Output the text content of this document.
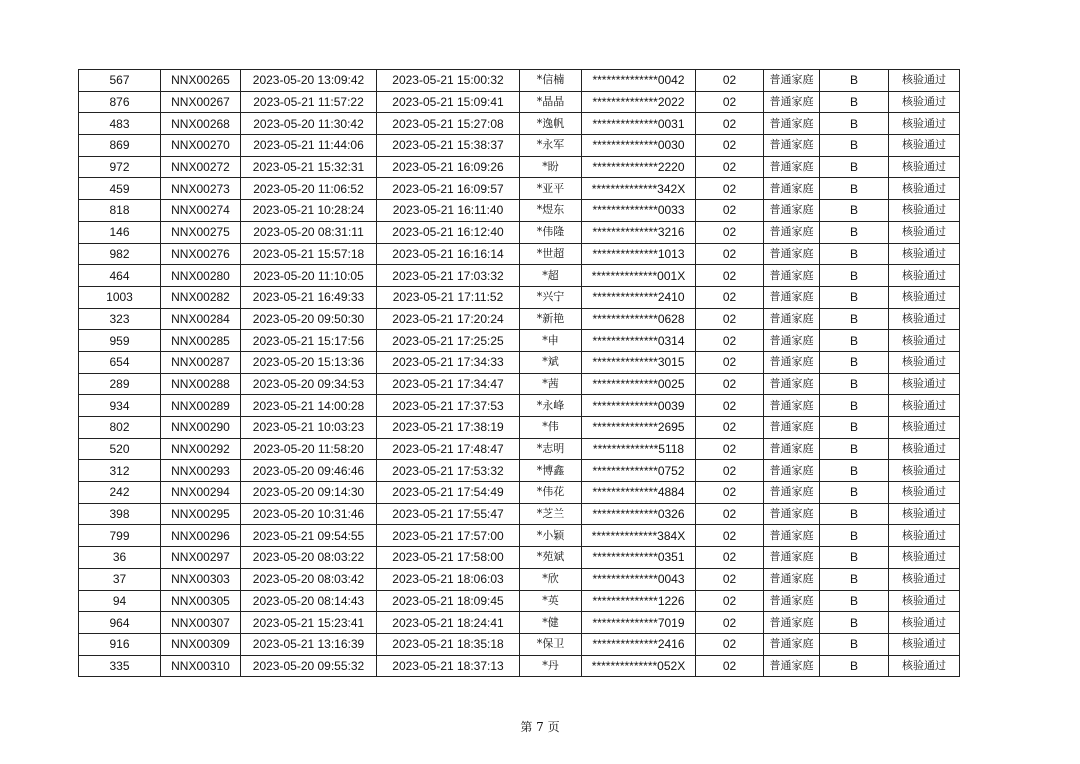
567	NNX00265	2023-05-20 13:09:42	2023-05-21 15:00:32	*信楠	**************0042	02	普通家庭	B	核验通过
876	NNX00267	2023-05-21 11:57:22	2023-05-21 15:09:41	*晶晶	**************2022	02	普通家庭	B	核验通过
483	NNX00268	2023-05-20 11:30:42	2023-05-21 15:27:08	*逸帆	**************0031	02	普通家庭	B	核验通过
869	NNX00270	2023-05-21 11:44:06	2023-05-21 15:38:37	*永军	**************0030	02	普通家庭	B	核验通过
972	NNX00272	2023-05-21 15:32:31	2023-05-21 16:09:26	*盼	**************2220	02	普通家庭	B	核验通过
459	NNX00273	2023-05-20 11:06:52	2023-05-21 16:09:57	*亚平	**************342X	02	普通家庭	B	核验通过
818	NNX00274	2023-05-21 10:28:24	2023-05-21 16:11:40	*煜东	**************0033	02	普通家庭	B	核验通过
146	NNX00275	2023-05-20 08:31:11	2023-05-21 16:12:40	*伟隆	**************3216	02	普通家庭	B	核验通过
982	NNX00276	2023-05-21 15:57:18	2023-05-21 16:16:14	*世超	**************1013	02	普通家庭	B	核验通过
464	NNX00280	2023-05-20 11:10:05	2023-05-21 17:03:32	*超	**************001X	02	普通家庭	B	核验通过
1003	NNX00282	2023-05-21 16:49:33	2023-05-21 17:11:52	*兴宁	**************2410	02	普通家庭	B	核验通过
323	NNX00284	2023-05-20 09:50:30	2023-05-21 17:20:24	*新艳	**************0628	02	普通家庭	B	核验通过
959	NNX00285	2023-05-21 15:17:56	2023-05-21 17:25:25	*申	**************0314	02	普通家庭	B	核验通过
654	NNX00287	2023-05-20 15:13:36	2023-05-21 17:34:33	*斌	**************3015	02	普通家庭	B	核验通过
289	NNX00288	2023-05-20 09:34:53	2023-05-21 17:34:47	*茜	**************0025	02	普通家庭	B	核验通过
934	NNX00289	2023-05-21 14:00:28	2023-05-21 17:37:53	*永峰	**************0039	02	普通家庭	B	核验通过
802	NNX00290	2023-05-21 10:03:23	2023-05-21 17:38:19	*伟	**************2695	02	普通家庭	B	核验通过
520	NNX00292	2023-05-20 11:58:20	2023-05-21 17:48:47	*志明	**************5118	02	普通家庭	B	核验通过
312	NNX00293	2023-05-20 09:46:46	2023-05-21 17:53:32	*博鑫	**************0752	02	普通家庭	B	核验通过
242	NNX00294	2023-05-20 09:14:30	2023-05-21 17:54:49	*伟花	**************4884	02	普通家庭	B	核验通过
398	NNX00295	2023-05-20 10:31:46	2023-05-21 17:55:47	*芝兰	**************0326	02	普通家庭	B	核验通过
799	NNX00296	2023-05-21 09:54:55	2023-05-21 17:57:00	*小颖	**************384X	02	普通家庭	B	核验通过
36	NNX00297	2023-05-20 08:03:22	2023-05-21 17:58:00	*苑斌	**************0351	02	普通家庭	B	核验通过
37	NNX00303	2023-05-20 08:03:42	2023-05-21 18:06:03	*欣	**************0043	02	普通家庭	B	核验通过
94	NNX00305	2023-05-20 08:14:43	2023-05-21 18:09:45	*英	**************1226	02	普通家庭	B	核验通过
964	NNX00307	2023-05-21 15:23:41	2023-05-21 18:24:41	*健	**************7019	02	普通家庭	B	核验通过
916	NNX00309	2023-05-21 13:16:39	2023-05-21 18:35:18	*保卫	**************2416	02	普通家庭	B	核验通过
335	NNX00310	2023-05-20 09:55:32	2023-05-21 18:37:13	*丹	**************052X	02	普通家庭	B	核验通过
第 7 页
